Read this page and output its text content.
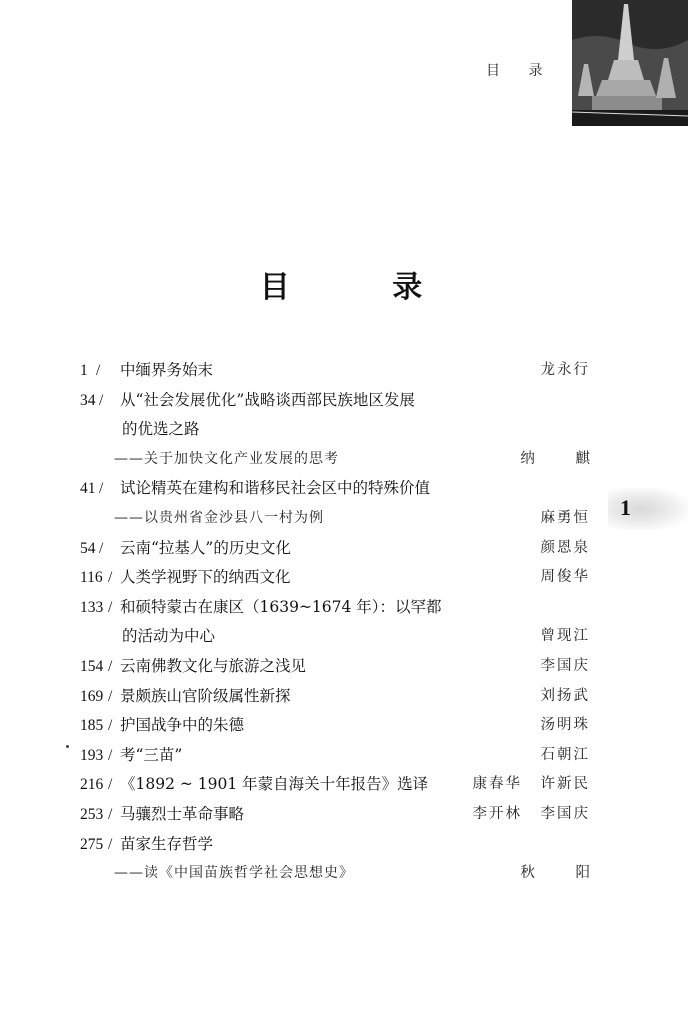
目 录
目 录
1 /	中缅界务始末	龙永行
34 /	从“社会发展优化”战略谈西部民族地区发展
的优选之路
——关于加快文化产业发展的思考	纳 麒
41 /	试论精英在建构和谐移民社会区中的特殊价值
——以贵州省金沙县八一村为例	麻勇恒
54 /	云南“拉基人”的历史文化	颜恩泉
116 / 人类学视野下的纳西文化	周俊华
133 / 和硕特蒙古在康区（1639~1674 年）：以罕都
的活动为中心	曾现江
154 / 云南佛教文化与旅游之浅见	李国庆
169 / 景颇族山官阶级属性新探	刘扬武
185 / 护国战争中的朱德	汤明珠
193 / 考“三苗”	石朝江
216 / 《1892 ~ 1901 年蒙自海关十年报告》选译	康春华 许新民
253 / 马骧烈士革命事略	李开林 李国庆
275 / 苗家生存哲学
——读《中国苗族哲学社会思想史》	秋 阳
1
